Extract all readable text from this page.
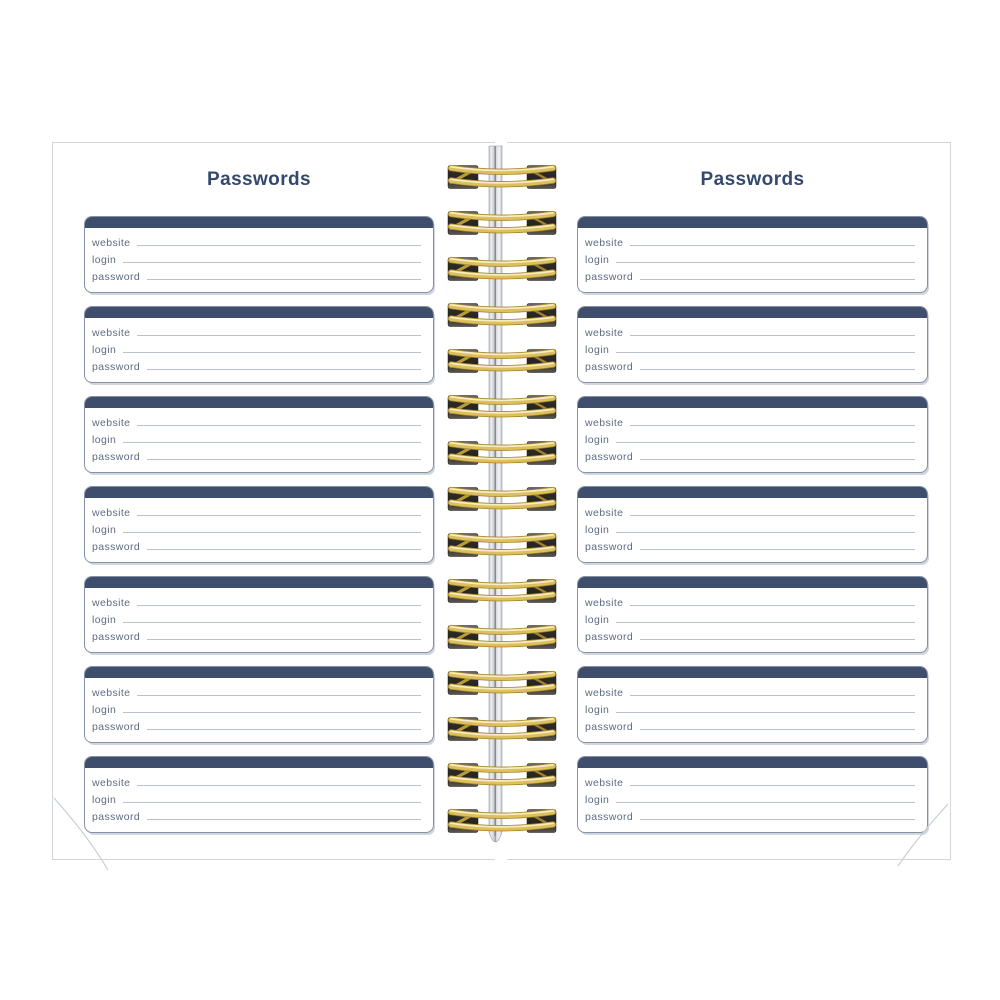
Passwords
website
login
password
website
login
password
website
login
password
website
login
password
website
login
password
website
login
password
website
login
password
Passwords
website
login
password
website
login
password
website
login
password
website
login
password
website
login
password
website
login
password
website
login
password
